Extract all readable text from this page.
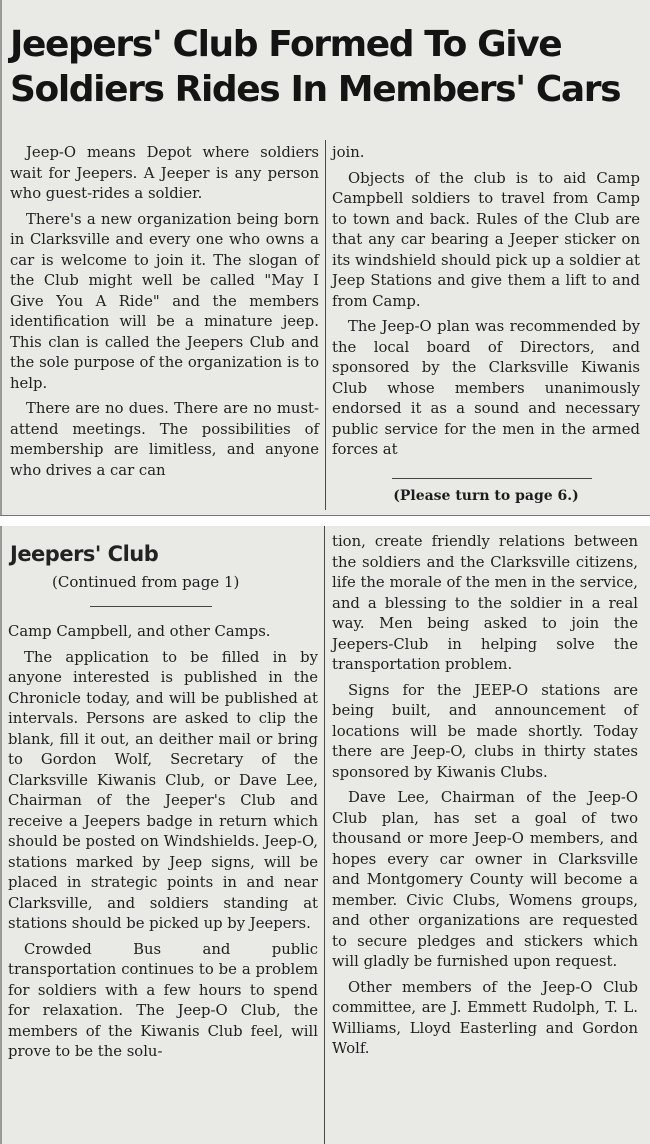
Jeepers' Club Formed To Give
Soldiers Rides In Members' Cars

Jeep-O means Depot where soldiers wait for Jeepers. A Jeeper is any person who guest-rides a soldier.

There's a new organization being born in Clarksville and every one who owns a car is welcome to join it. The slogan of the Club might well be called "May I Give You A Ride" and the members identification will be a minature jeep. This clan is called the Jeepers Club and the sole purpose of the organization is to help.

There are no dues. There are no must-attend meetings. The possibilities of membership are limitless, and anyone who drives a car can

join.

Objects of the club is to aid Camp Campbell soldiers to travel from Camp to town and back. Rules of the Club are that any car bearing a Jeeper sticker on its windshield should pick up a soldier at Jeep Stations and give them a lift to and from Camp.

The Jeep-O plan was recommended by the local board of Directors, and sponsored by the Clarksville Kiwanis Club whose members unanimously endorsed it as a sound and necessary public service for the men in the armed forces at

(Please turn to page 6.)
Jeepers' Club
(Continued from page 1)

Camp Campbell, and other Camps.

The application to be filled in by anyone interested is published in the Chronicle today, and will be published at intervals. Persons are asked to clip the blank, fill it out, an deither mail or bring to Gordon Wolf, Secretary of the Clarksville Kiwanis Club, or Dave Lee, Chairman of the Jeeper's Club and receive a Jeepers badge in return which should be posted on Windshields. Jeep-O, stations marked by Jeep signs, will be placed in strategic points in and near Clarksville, and soldiers standing at stations should be picked up by Jeepers.

Crowded Bus and public transportation continues to be a problem for soldiers with a few hours to spend for relaxation. The Jeep-O Club, the members of the Kiwanis Club feel, will prove to be the solu-

tion, create friendly relations between the soldiers and the Clarksville citizens, life the morale of the men in the service, and a blessing to the soldier in a real way. Men being asked to join the Jeepers-Club in helping solve the transportation problem.

Signs for the JEEP-O stations are being built, and announcement of locations will be made shortly. Today there are Jeep-O, clubs in thirty states sponsored by Kiwanis Clubs.

Dave Lee, Chairman of the Jeep-O Club plan, has set a goal of two thousand or more Jeep-O members, and hopes every car owner in Clarksville and Montgomery County will become a member. Civic Clubs, Womens groups, and other organizations are requested to secure pledges and stickers which will gladly be furnished upon request.

Other members of the Jeep-O Club committee, are J. Emmett Rudolph, T. L. Williams, Lloyd Easterling and Gordon Wolf.
